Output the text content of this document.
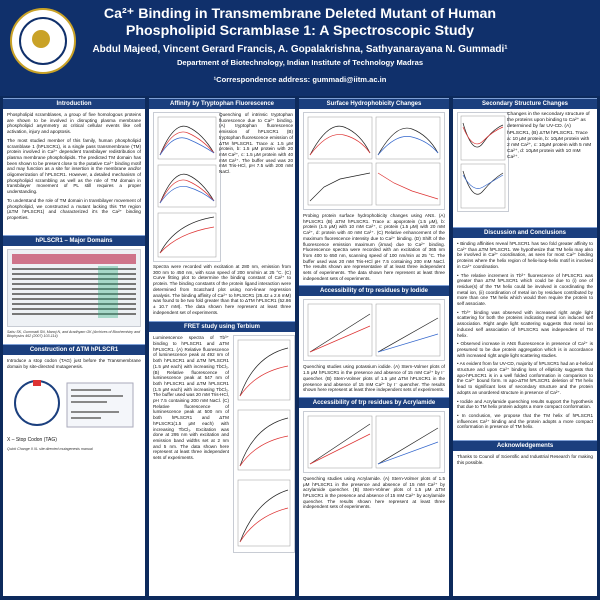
Ca²⁺ Binding in Transmembrane Deleted Mutant of Human Phospholipid Scramblase 1: A Spectroscopic Study
Abdul Majeed, Vincent Gerard Francis, A. Gopalakrishna, Sathyanarayana N. Gummadi¹
Department of Biotechnology, Indian Institute of Technology Madras
¹Correspondence address: gummadi@iitm.ac.in
Introduction
Phospholipid scramblases, a group of five homologous proteins are shown to be involved in disrupting plasma membrane phospholipid asymmetry at critical cellular events like cell activation, injury and apoptosis.
The most studied member of this family, human phospholipid scramblase 1 (hPLSCR1), is a single pass transmembrane (TM) protein involved in Ca²⁺ dependent transbilayer redistribution of plasma membrane phospholipids. The predicted TM domain has been shown to be present close to the putative Ca²⁺ binding motif and may function as a site for insertion in the membrane and/or oligomerization of hPLSCR1. However, a detailed mechanism of phospholipid scrambling as well as the role of TM domain in transbilayer movement of PL still requires a proper understanding.
To understand the role of TM domain in transbilayer movement of phospholipid, we constructed a mutant lacking this TM region (ΔTM hPLSCR1) and characterized it's the Ca²⁺ binding properties.
hPLSCR1 – Major Domains
Sahu SK, Gummadi SN, Manoj N, and Aradhyam GK (Archives of Biochemistry and Biophysics 462 (2007) 103-114)
Construction of ΔTM hPLSCR1
Introduce a stop codon (TAG) just before the Transmembrane domain by site-directed mutagenesis.
X – Stop Codon (TAG)
Quick Change II XL site directed mutagenesis manual
Affinity by Tryptophan Fluorescence
Quenching of intrinsic tryptophan fluorescence due to Ca²⁺ binding. (A) tryptophan fluorescence emission of hPLSCR1 (B) tryptophan fluorescence emission of ΔTM hPLSCR1. Trace a: 1.5 μM protein, b: 1.5 μM protein with 20 mM Ca²⁺, c: 1.5 μM protein with 40 mM Ca²⁺. The buffer used was 20 mM Tris-HCl, pH 7.5 with 200 mM NaCl.
Spectra were recorded with excitation at 280 nm, emission from 300 nm to 450 nm, with scan speed of 200 nm/min at 25 °C. (C) Curve fitting plot to determine the binding constant of Ca²⁺ to protein. The binding constants of the protein ligand interaction were determined from Scatchard plot using non-linear regression analysis. The binding affinity of Ca²⁺ to hPLSCR1 (25.42 ± 2.6 mM) was found to be two fold greater than that to ΔTM hPLSCR1 (52.86 ± 10.7 mM). The data shown here represent at least three independent set of experiments.
FRET study using Terbium
Luminescence spectra of Tb³⁺ binding to hPLSCR1 and ΔTM hPLSCR1. (A) Relative fluorescence of luminescence peak at 492 nm of both hPLSCR1 and ΔTM hPLSCR1 (1.5 μM each) with increasing TbCl₃. (B) Relative fluorescence of luminescence peak at 547 nm of both hPLSCR1 and ΔTM hPLSCR1 (1.5 μM each) with increasing TbCl₃. The buffer used was 20 mM Tris-HCl, pH 7.5 containing 200 mM NaCl. (C) Relative fluorescence of luminescence peak at 500 nm of both hPLSCR1 and ΔTM hPLSCR1(1.5 μM each) with increasing TbCl₃. Excitation was done at 295 nm with excitation and emission band widths set at 2 nm and 5 nm. The data shown here represent at least three independent sets of experiments.
Surface Hydrophobicity Changes
Probing protein surface hydrophobicity changes using ANS. (A) hPLSCR1 (B) ΔTM hPLSCR1. Trace a: apoprotein (1.5 μM), b: protein (1.5 μM) with 10 mM Ca²⁺, c: protein (1.5 μM) with 20 mM Ca²⁺, d: protein with 40 mM Ca²⁺. (C) Relative enhancement of the maximum fluorescence intensity due to Ca²⁺ binding. (D) Shift of the fluorescence emission maximum (λmax) due to Ca²⁺ binding. Fluorescence spectra were recorded with an excitation of 365 nm from 400 to 650 nm, scanning speed of 100 nm/min at 25 °C. The buffer used was 20 mM Tris-HCl pH 7.5 containing 200 mM NaCl. The results shown are representative of at least three independent sets of experiments. The data shown here represent at least three independent sets of experiments.
Accessibility of trp residues by Iodide
Quenching studies using potassium iodide. (A) Stern-Volmer plots of 1.5 μM hPLSCR1 in the presence and absence of 15 mM Ca²⁺ by I⁻ quencher. (B) Stern-Volmer plots of 1.5 μM ΔTM hPLSCR1 in the presence and absence of 15 mM Ca²⁺ by I⁻ quencher. The results shown here represent at least three independent sets of experiments.
Accessibility of trp residues by Acrylamide
Quenching studies using Acrylamide. (A) Stern-Volmer plots of 1.5 μM hPLSCR1 in the presence and absence of 15 mM Ca²⁺ by acrylamide quencher. (B) Stern-Volmer plots of 1.5 μM ΔTM hPLSCR1 in the presence and absence of 15 mM Ca²⁺ by acrylamide quencher. The results shown here represent at least three independent sets of experiments.
Secondary Structure Changes
Changes in the secondary structure of the proteins upon binding to Ca²⁺ as determined by far UV-CD. (A) hPLSCR1, (B) ΔTM hPLSCR1. Trace a: 10 μM protein, b: 10μM protein with 2 mM Ca²⁺, c: 10μM protein with 5 mM Ca²⁺, d: 10μM protein with 10 mM Ca²⁺.
Discussion and Conclusions
• Binding affinities reveal hPLSCR1 has two fold greater affinity to Ca²⁺ than ΔTM hPLSCR1. We hypothesize that TM helix may also be involved in Ca²⁺ coordination, as seen for most Ca²⁺ binding proteins where the helix region of helix-loop-helix motif is involved in Ca²⁺ coordination.
• The relative increment in Tb³⁺ fluorescence of hPLSCR1 was greater than ΔTM hPLSCR1 which could be due to (i) one of residue(s) of the TM helix could be involved in coordinating the metal ion, (ii) coordination of metal ion by residues contributed by more than one TM helix which would then require the protein to self associate.
• Tb³⁺ binding was observed with increased right angle light scattering for both the proteins indicating metal ion induced self association. Right angle light scattering suggests that metal ion induced self association of hPLSCR1 was independent of TM helix.
• Observed increase in ANS fluorescence in presence of Ca²⁺ is presumed to be due protein aggregation which is in accordance with increased right angle light scattering studies.
• As evident from far UV-CD, majority of hPLSCR1 had an α-helical structure and upon Ca²⁺ binding loss of ellipticity suggests that apo-hPLSCR1 is in a well folded conformation in comparison to the Ca²⁺ bound form. In apo-ΔTM hPLSCR1 deletion of TM helix lead to significant loss of secondary structure and the protein adopts an unordered structure in presence of Ca²⁺.
• Iodide and Acrylamide quenching results support the hypothesis that due to TM helix protein adopts a more compact conformation.
• In conclusion, we propose that the TM helix of hPLSCR1 influences Ca²⁺ binding and the protein adopts a more compact conformation in presence of TM helix.
Acknowledgements
Thanks to Council of Scientific and Industrial Research for making this possible.
